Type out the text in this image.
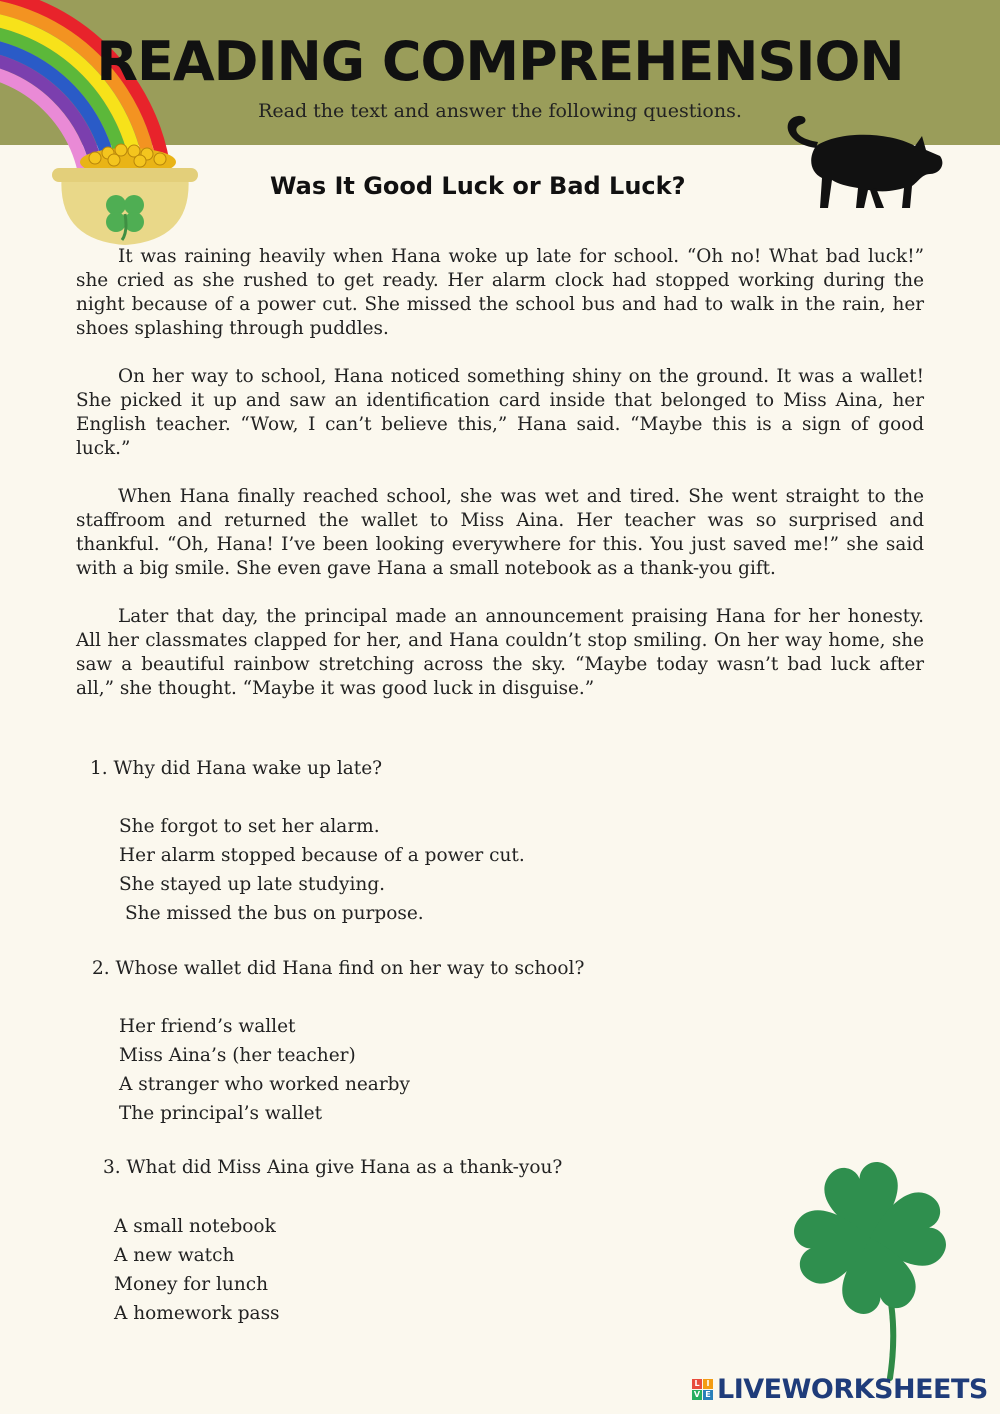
READING COMPREHENSION
Read the text and answer the following questions.
Was It Good Luck or Bad Luck?

It was raining heavily when Hana woke up late for school. “Oh no! What bad luck!” she cried as she rushed to get ready. Her alarm clock had stopped working during the night because of a power cut. She missed the school bus and had to walk in the rain, her shoes splashing through puddles.

On her way to school, Hana noticed something shiny on the ground. It was a wallet! She picked it up and saw an identification card inside that belonged to Miss Aina, her English teacher. “Wow, I can’t believe this,” Hana said. “Maybe this is a sign of good luck.”

When Hana finally reached school, she was wet and tired. She went straight to the staffroom and returned the wallet to Miss Aina. Her teacher was so surprised and thankful. “Oh, Hana! I’ve been looking everywhere for this. You just saved me!” she said with a big smile. She even gave Hana a small notebook as a thank-you gift.

Later that day, the principal made an announcement praising Hana for her honesty. All her classmates clapped for her, and Hana couldn’t stop smiling. On her way home, she saw a beautiful rainbow stretching across the sky. “Maybe today wasn’t bad luck after all,” she thought. “Maybe it was good luck in disguise.”

1. Why did Hana wake up late?
She forgot to set her alarm.
Her alarm stopped because of a power cut.
She stayed up late studying.
She missed the bus on purpose.
2. Whose wallet did Hana find on her way to school?
Her friend’s wallet
Miss Aina’s (her teacher)
A stranger who worked nearby
The principal’s wallet
3. What did Miss Aina give Hana as a thank-you?
A small notebook
A new watch
Money for lunch
A homework pass
L I
V E LIVEWORKSHEETS
